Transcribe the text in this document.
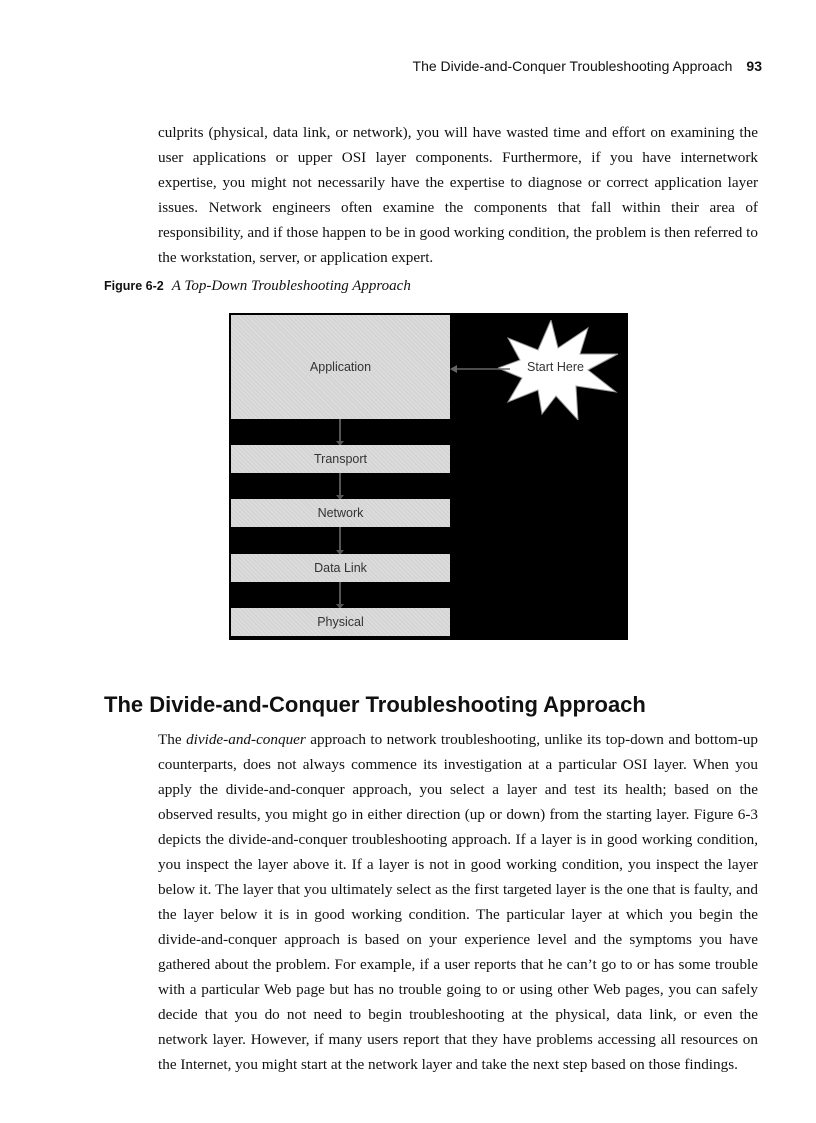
The Divide-and-Conquer Troubleshooting Approach 93

culprits (physical, data link, or network), you will have wasted time and effort on examining the user applications or upper OSI layer components. Furthermore, if you have internetwork expertise, you might not necessarily have the expertise to diagnose or correct application layer issues. Network engineers often examine the components that fall within their area of responsibility, and if those happen to be in good working condition, the problem is then referred to the workstation, server, or application expert.

Figure 6-2 A Top-Down Troubleshooting Approach
Application
Transport
Network
Data Link
Physical
Start Here
The Divide-and-Conquer Troubleshooting Approach

The divide-and-conquer approach to network troubleshooting, unlike its top-down and bottom-up counterparts, does not always commence its investigation at a particular OSI layer. When you apply the divide-and-conquer approach, you select a layer and test its health; based on the observed results, you might go in either direction (up or down) from the starting layer. Figure 6-3 depicts the divide-and-conquer troubleshooting approach. If a layer is in good working condition, you inspect the layer above it. If a layer is not in good working condition, you inspect the layer below it. The layer that you ultimately select as the first targeted layer is the one that is faulty, and the layer below it is in good working condition. The particular layer at which you begin the divide-and-conquer approach is based on your experience level and the symptoms you have gathered about the problem. For example, if a user reports that he can’t go to or has some trouble with a particular Web page but has no trouble going to or using other Web pages, you can safely decide that you do not need to begin troubleshooting at the physical, data link, or even the network layer. However, if many users report that they have problems accessing all resources on the Internet, you might start at the network layer and take the next step based on those findings.
